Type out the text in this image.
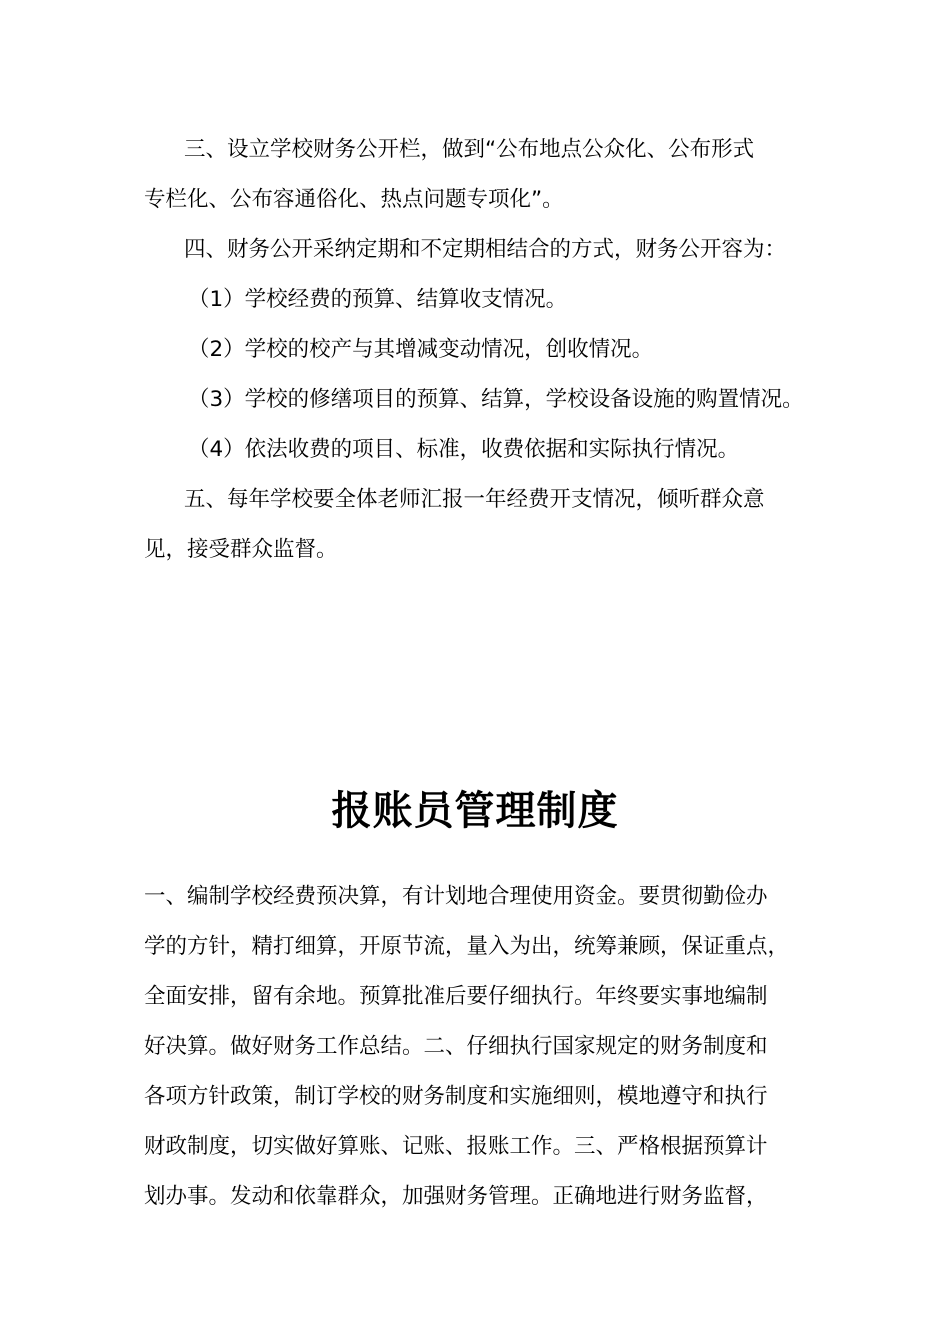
三、设立学校财务公开栏，做到“公布地点公众化、公布形式
专栏化、公布容通俗化、热点问题专项化”。
四、财务公开采纳定期和不定期相结合的方式，财务公开容为：
（1）学校经费的预算、结算收支情况。
（2）学校的校产与其增减变动情况，创收情况。
（3）学校的修缮项目的预算、结算，学校设备设施的购置情况。
（4）依法收费的项目、标准，收费依据和实际执行情况。
五、每年学校要全体老师汇报一年经费开支情况，倾听群众意
见，接受群众监督。
报账员管理制度
一、编制学校经费预决算，有计划地合理使用资金。要贯彻勤俭办
学的方针，精打细算，开原节流，量入为出，统筹兼顾，保证重点，
全面安排，留有余地。预算批准后要仔细执行。年终要实事地编制
好决算。做好财务工作总结。二、仔细执行国家规定的财务制度和
各项方针政策，制订学校的财务制度和实施细则，模地遵守和执行
财政制度，切实做好算账、记账、报账工作。三、严格根据预算计
划办事。发动和依靠群众，加强财务管理。正确地进行财务监督，
